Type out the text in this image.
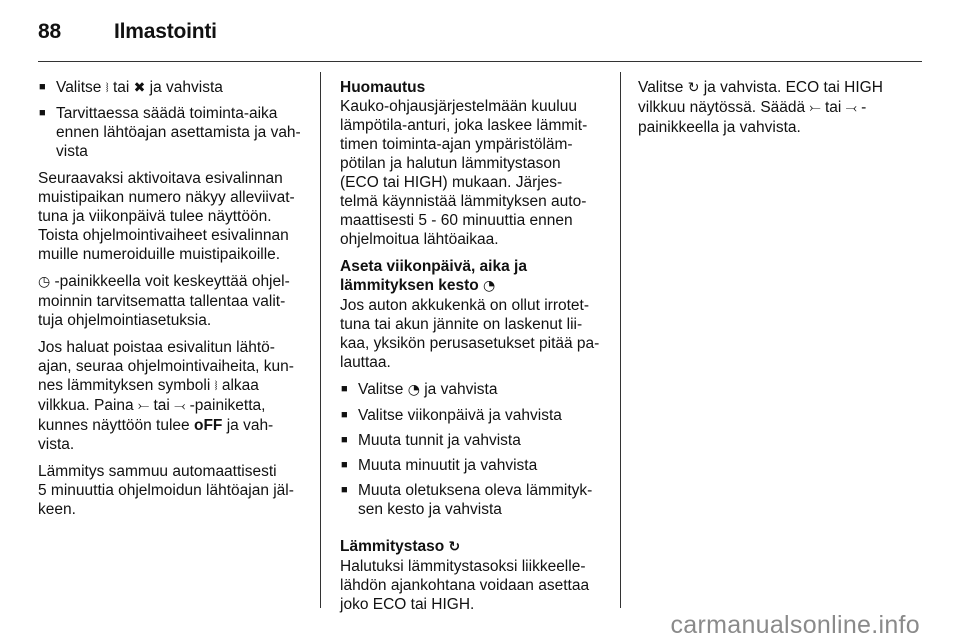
88	Ilmastointi
■ Valitse ⧘ tai ✖ ja vahvista
■ Tarvittaessa säädä toiminta-aika
ennen lähtöajan asettamista ja vah-
vista

Seuraavaksi aktivoitava esivalinnan
muistipaikan numero näkyy alleviivat-
tuna ja viikonpäivä tulee näyttöön.
Toista ohjelmointivaiheet esivalinnan
muille numeroiduille muistipaikoille.

◷ -painikkeella voit keskeyttää ohjel-
moinnin tarvitsematta tallentaa valit-
tuja ohjelmointiasetuksia.

Jos haluat poistaa esivalitun lähtö-
ajan, seuraa ohjelmointivaiheita, kun-
nes lämmityksen symboli ⧘ alkaa
vilkkua. Paina ⤚ tai ⤙ -painiketta,
kunnes näyttöön tulee oFF ja vah-
vista.

Lämmitys sammuu automaattisesti
5 minuuttia ohjelmoidun lähtöajan jäl-
keen.

Huomautus

Kauko-ohjausjärjestelmään kuuluu
lämpötila-anturi, joka laskee lämmit-
timen toiminta-ajan ympäristöläm-
pötilan ja halutun lämmitystason
(ECO tai HIGH) mukaan. Järjes-
telmä käynnistää lämmityksen auto-
maattisesti 5 - 60 minuuttia ennen
ohjelmoitua lähtöaikaa.

Aseta viikonpäivä, aika ja
lämmityksen kesto ◔

Jos auton akkukenkä on ollut irrotet-
tuna tai akun jännite on laskenut lii-
kaa, yksikön perusasetukset pitää pa-
lauttaa.

■ Valitse ◔ ja vahvista
■ Valitse viikonpäivä ja vahvista
■ Muuta tunnit ja vahvista
■ Muuta minuutit ja vahvista
■ Muuta oletuksena oleva lämmityk-
sen kesto ja vahvista

Lämmitystaso ↻

Halutuksi lämmitystasoksi liikkeelle-
lähdön ajankohtana voidaan asettaa
joko ECO tai HIGH.

Valitse ↻ ja vahvista. ECO tai HIGH
vilkkuu näytössä. Säädä ⤚ tai ⤙ -
painikkeella ja vahvista.

carmanualsonline.info
